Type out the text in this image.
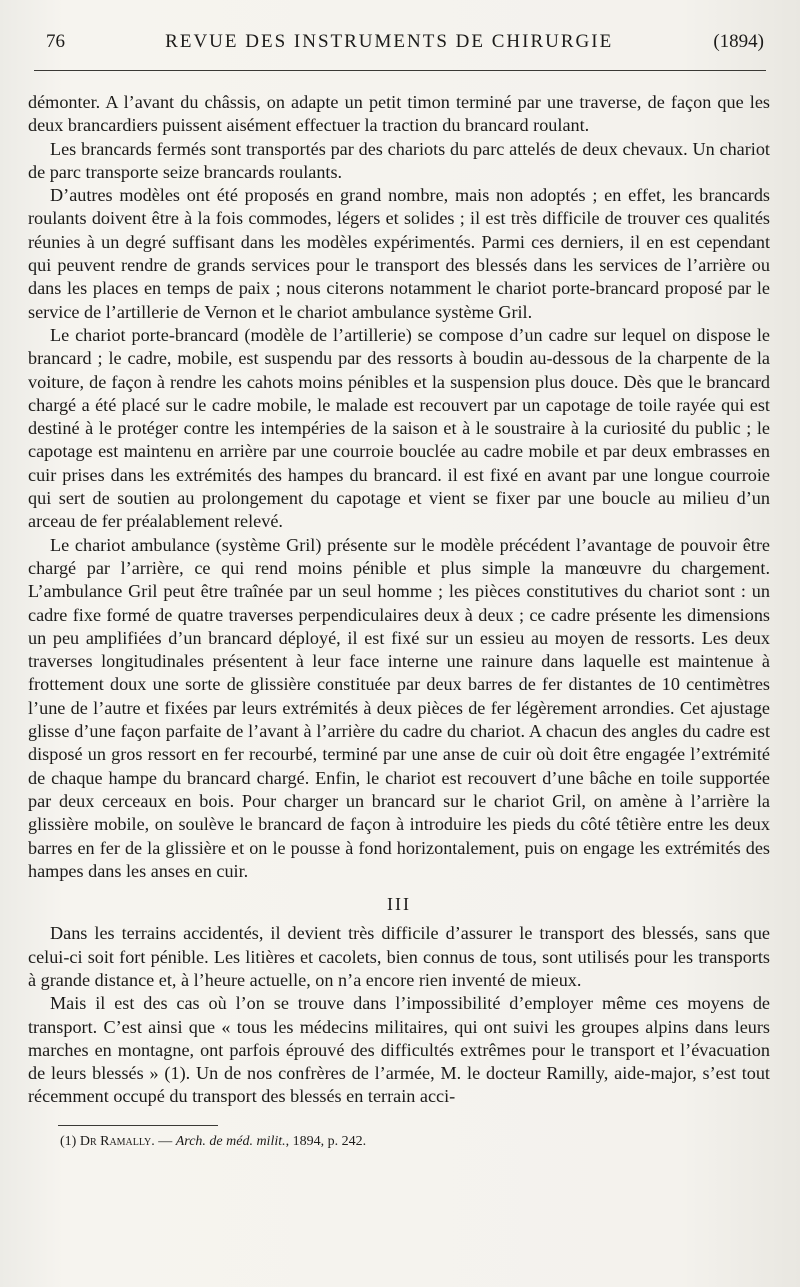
76	REVUE DES INSTRUMENTS DE CHIRURGIE	(1894)

démonter. A l’avant du châssis, on adapte un petit timon terminé par une traverse, de façon que les deux brancardiers puissent aisément effectuer la traction du brancard roulant.

Les brancards fermés sont transportés par des chariots du parc attelés de deux chevaux. Un chariot de parc transporte seize brancards roulants.

D’autres modèles ont été proposés en grand nombre, mais non adoptés ; en effet, les brancards roulants doivent être à la fois commodes, légers et solides ; il est très difficile de trouver ces qualités réunies à un degré suffisant dans les modèles expérimentés. Parmi ces derniers, il en est cependant qui peuvent rendre de grands services pour le transport des blessés dans les services de l’arrière ou dans les places en temps de paix ; nous citerons notamment le chariot porte-brancard proposé par le service de l’artillerie de Vernon et le chariot ambulance système Gril.

Le chariot porte-brancard (modèle de l’artillerie) se compose d’un cadre sur lequel on dispose le brancard ; le cadre, mobile, est suspendu par des ressorts à boudin au-dessous de la charpente de la voiture, de façon à rendre les cahots moins pénibles et la suspension plus douce. Dès que le brancard chargé a été placé sur le cadre mobile, le malade est recouvert par un capotage de toile rayée qui est destiné à le protéger contre les intempéries de la saison et à le soustraire à la curiosité du public ; le capotage est maintenu en arrière par une courroie bouclée au cadre mobile et par deux embrasses en cuir prises dans les extrémités des hampes du brancard. il est fixé en avant par une longue courroie qui sert de soutien au prolongement du capotage et vient se fixer par une boucle au milieu d’un arceau de fer préalablement relevé.

Le chariot ambulance (système Gril) présente sur le modèle précédent l’avantage de pouvoir être chargé par l’arrière, ce qui rend moins pénible et plus simple la manœuvre du chargement. L’ambulance Gril peut être traînée par un seul homme ; les pièces constitutives du chariot sont : un cadre fixe formé de quatre traverses perpendiculaires deux à deux ; ce cadre présente les dimensions un peu amplifiées d’un brancard déployé, il est fixé sur un essieu au moyen de ressorts. Les deux traverses longitudinales présentent à leur face interne une rainure dans laquelle est maintenue à frottement doux une sorte de glissière constituée par deux barres de fer distantes de 10 centimètres l’une de l’autre et fixées par leurs extrémités à deux pièces de fer légèrement arrondies. Cet ajustage glisse d’une façon parfaite de l’avant à l’arrière du cadre du chariot. A chacun des angles du cadre est disposé un gros ressort en fer recourbé, terminé par une anse de cuir où doit être engagée l’extrémité de chaque hampe du brancard chargé. Enfin, le chariot est recouvert d’une bâche en toile supportée par deux cerceaux en bois. Pour charger un brancard sur le chariot Gril, on amène à l’arrière la glissière mobile, on soulève le brancard de façon à introduire les pieds du côté têtière entre les deux barres en fer de la glissière et on le pousse à fond horizontalement, puis on engage les extrémités des hampes dans les anses en cuir.

III

Dans les terrains accidentés, il devient très difficile d’assurer le transport des blessés, sans que celui-ci soit fort pénible. Les litières et cacolets, bien connus de tous, sont utilisés pour les transports à grande distance et, à l’heure actuelle, on n’a encore rien inventé de mieux.

Mais il est des cas où l’on se trouve dans l’impossibilité d’employer même ces moyens de transport. C’est ainsi que « tous les médecins militaires, qui ont suivi les groupes alpins dans leurs marches en montagne, ont parfois éprouvé des difficultés extrêmes pour le transport et l’évacuation de leurs blessés » (1). Un de nos confrères de l’armée, M. le docteur Ramilly, aide-major, s’est tout récemment occupé du transport des blessés en terrain acci-

(1) Dr Ramally. — Arch. de méd. milit., 1894, p. 242.
